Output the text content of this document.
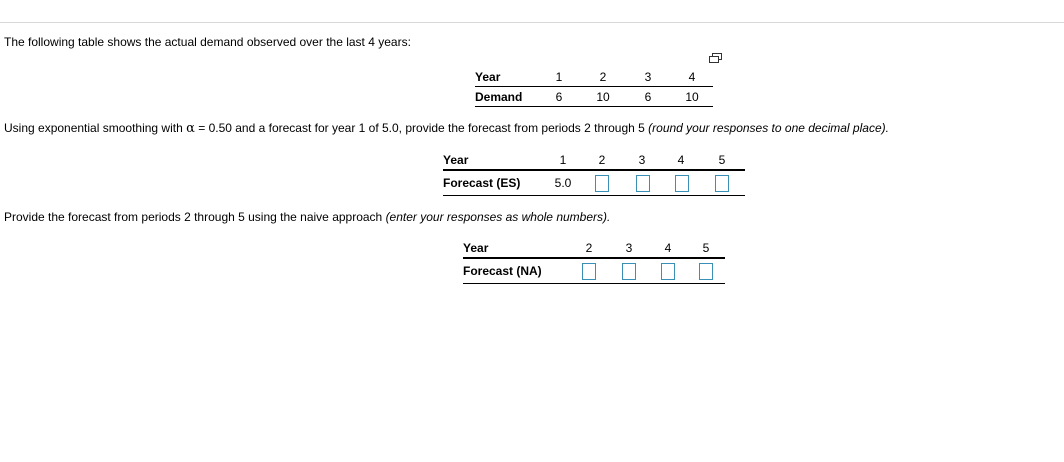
The following table shows the actual demand observed over the last 4 years:
Year	1	2	3	4
Demand	6	10	6	10
Using exponential smoothing with α = 0.50 and a forecast for year 1 of 5.0, provide the forecast from periods 2 through 5 (round your responses to one decimal place).
Year	1	2	3	4	5
Forecast (ES)	5.0
Provide the forecast from periods 2 through 5 using the naive approach (enter your responses as whole numbers).
Year	2	3	4	5
Forecast (NA)
